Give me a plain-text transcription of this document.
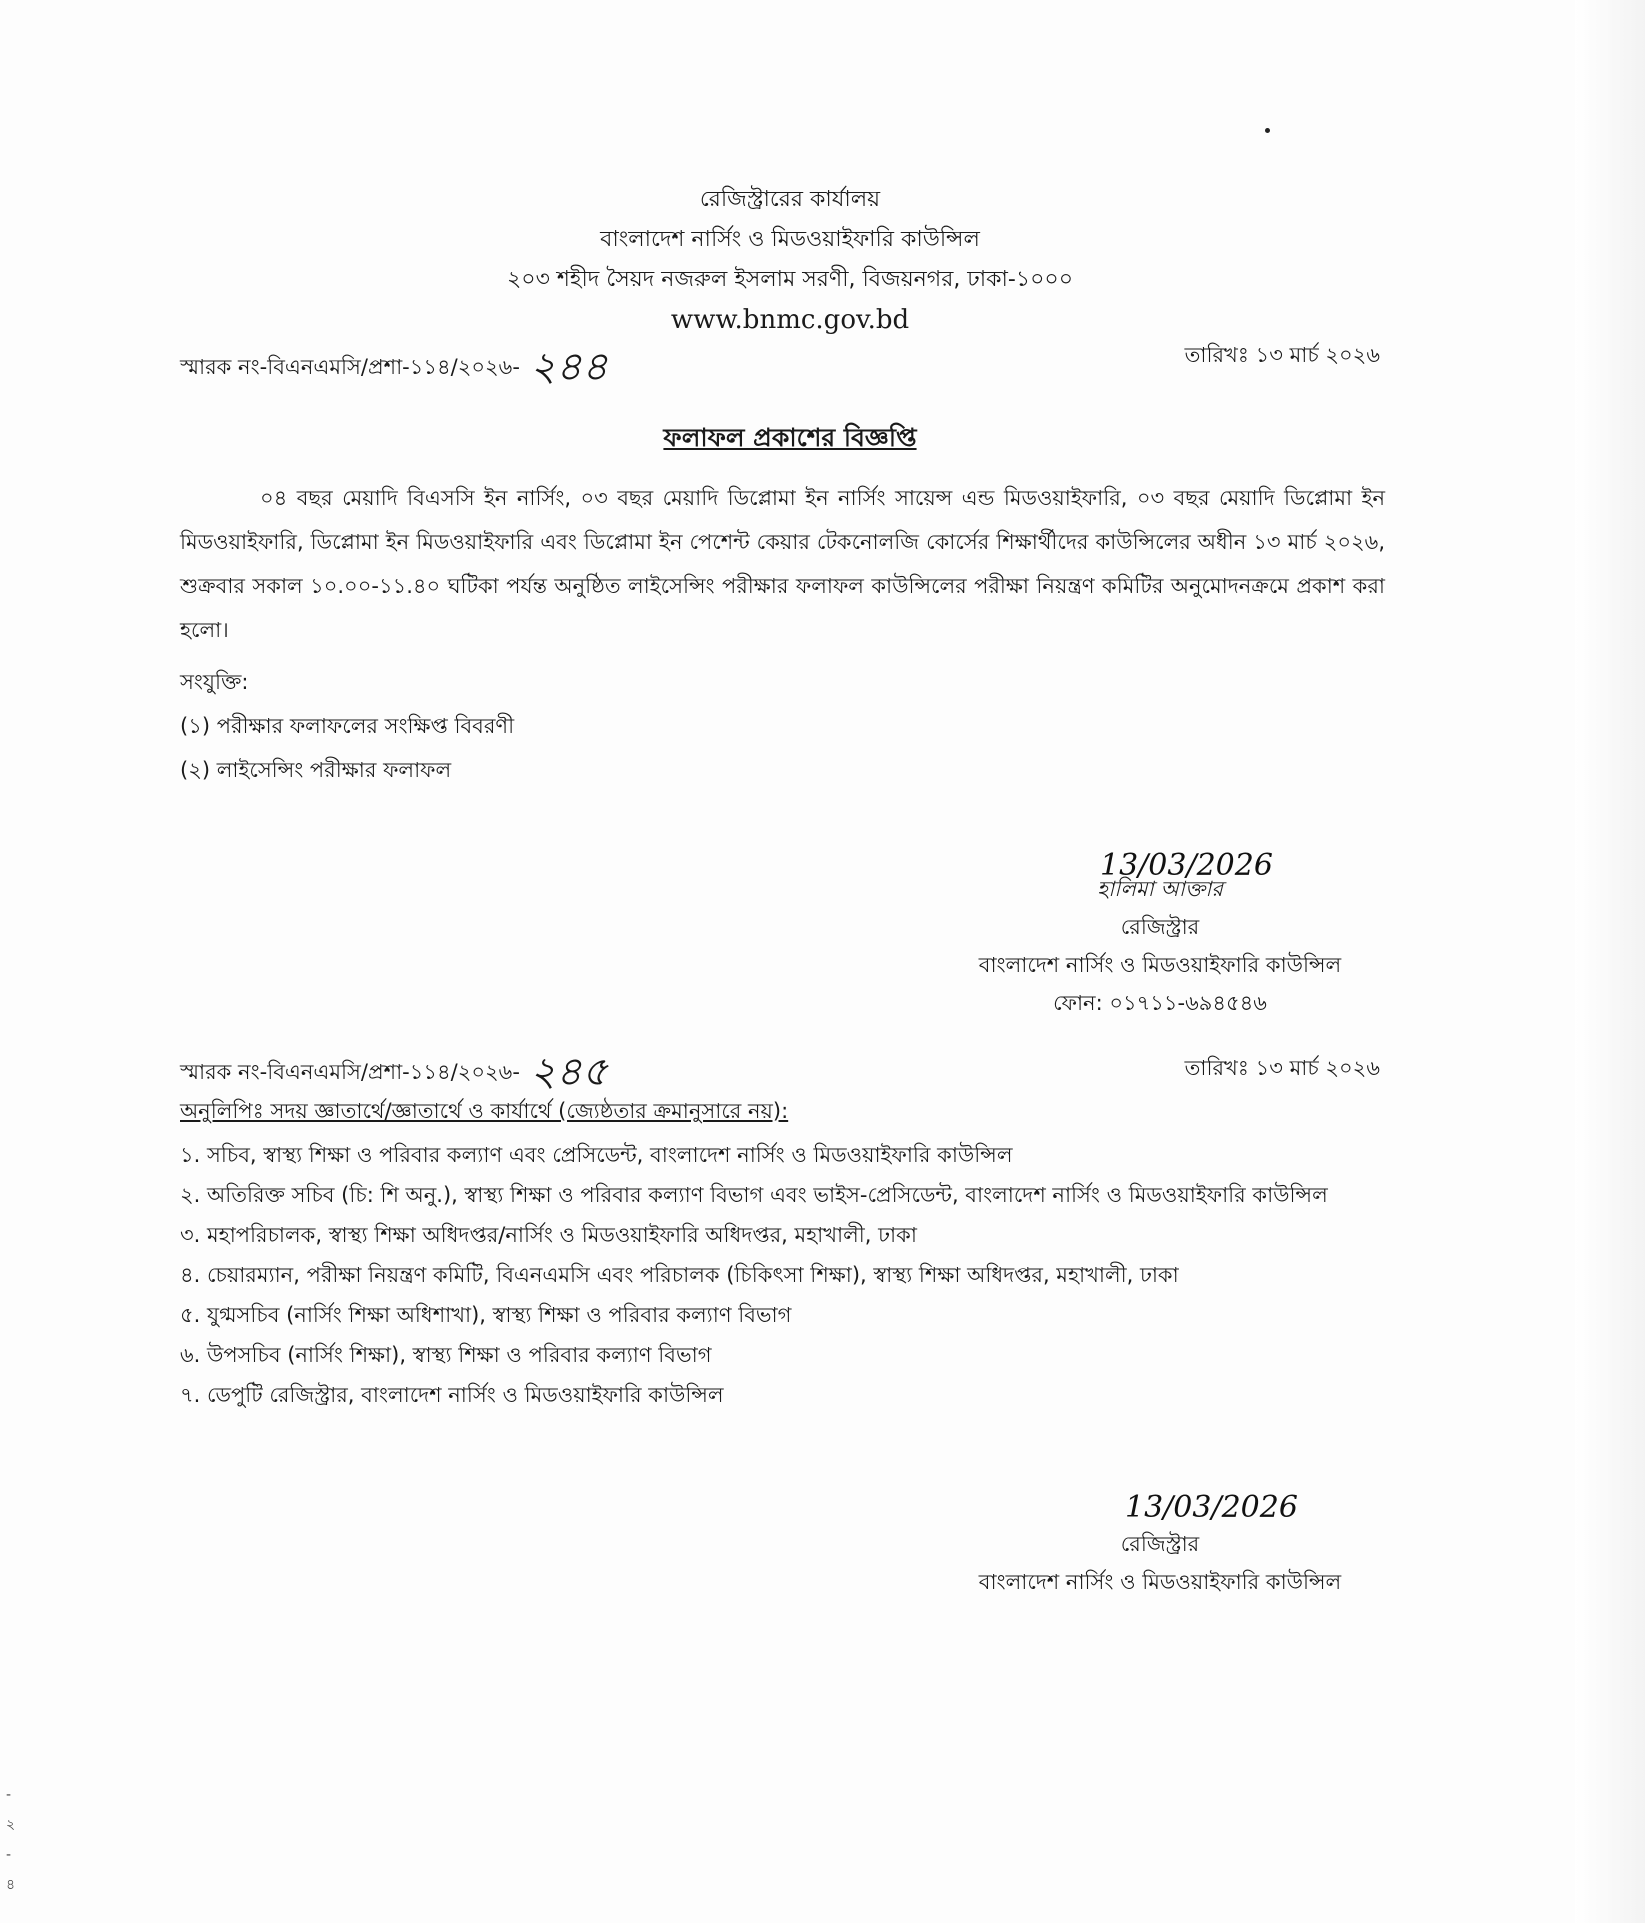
রেজিস্ট্রারের কার্যালয়
বাংলাদেশ নার্সিং ও মিডওয়াইফারি কাউন্সিল
২০৩ শহীদ সৈয়দ নজরুল ইসলাম সরণী, বিজয়নগর, ঢাকা-১০০০
www.bnmc.gov.bd
স্মারক নং-বিএনএমসি/প্রশা-১১৪/২০২৬- ২৪৪	তারিখঃ ১৩ মার্চ ২০২৬
ফলাফল প্রকাশের বিজ্ঞপ্তি
০৪ বছর মেয়াদি বিএসসি ইন নার্সিং, ০৩ বছর মেয়াদি ডিপ্লোমা ইন নার্সিং সায়েন্স এন্ড মিডওয়াইফারি, ০৩ বছর মেয়াদি ডিপ্লোমা ইন মিডওয়াইফারি, ডিপ্লোমা ইন মিডওয়াইফারি এবং ডিপ্লোমা ইন পেশেন্ট কেয়ার টেকনোলজি কোর্সের শিক্ষার্থীদের কাউন্সিলের অধীন ১৩ মার্চ ২০২৬, শুক্রবার সকাল ১০.০০-১১.৪০ ঘটিকা পর্যন্ত অনুষ্ঠিত লাইসেন্সিং পরীক্ষার ফলাফল কাউন্সিলের পরীক্ষা নিয়ন্ত্রণ কমিটির অনুমোদনক্রমে প্রকাশ করা হলো।
সংযুক্তি:
(১) পরীক্ষার ফলাফলের সংক্ষিপ্ত বিবরণী
(২) লাইসেন্সিং পরীক্ষার ফলাফল
13/03/2026
হালিমা আক্তার
রেজিস্ট্রার
বাংলাদেশ নার্সিং ও মিডওয়াইফারি কাউন্সিল
ফোন: ০১৭১১-৬৯৪৫৪৬
স্মারক নং-বিএনএমসি/প্রশা-১১৪/২০২৬- ২৪৫	তারিখঃ ১৩ মার্চ ২০২৬
অনুলিপিঃ সদয় জ্ঞাতার্থে/জ্ঞাতার্থে ও কার্যার্থে (জ্যেষ্ঠতার ক্রমানুসারে নয়):
১. সচিব, স্বাস্থ্য শিক্ষা ও পরিবার কল্যাণ এবং প্রেসিডেন্ট, বাংলাদেশ নার্সিং ও মিডওয়াইফারি কাউন্সিল
২. অতিরিক্ত সচিব (চি: শি অনু.), স্বাস্থ্য শিক্ষা ও পরিবার কল্যাণ বিভাগ এবং ভাইস-প্রেসিডেন্ট, বাংলাদেশ নার্সিং ও মিডওয়াইফারি কাউন্সিল
৩. মহাপরিচালক, স্বাস্থ্য শিক্ষা অধিদপ্তর/নার্সিং ও মিডওয়াইফারি অধিদপ্তর, মহাখালী, ঢাকা
৪. চেয়ারম্যান, পরীক্ষা নিয়ন্ত্রণ কমিটি, বিএনএমসি এবং পরিচালক (চিকিৎসা শিক্ষা), স্বাস্থ্য শিক্ষা অধিদপ্তর, মহাখালী, ঢাকা
৫. যুগ্মসচিব (নার্সিং শিক্ষা অধিশাখা), স্বাস্থ্য শিক্ষা ও পরিবার কল্যাণ বিভাগ
৬. উপসচিব (নার্সিং শিক্ষা), স্বাস্থ্য শিক্ষা ও পরিবার কল্যাণ বিভাগ
৭. ডেপুটি রেজিস্ট্রার, বাংলাদেশ নার্সিং ও মিডওয়াইফারি কাউন্সিল
13/03/2026
রেজিস্ট্রার
বাংলাদেশ নার্সিং ও মিডওয়াইফারি কাউন্সিল
-
২
-
৪
